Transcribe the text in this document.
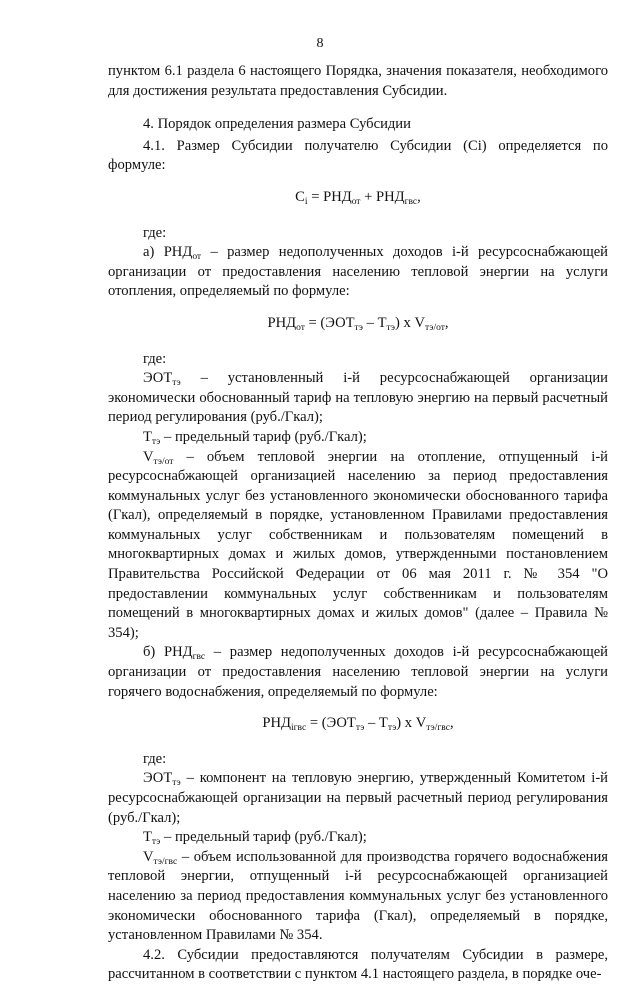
8

пунктом 6.1 раздела 6 настоящего Порядка, значения показателя, необходимого для достижения результата предоставления Субсидии.

4. Порядок определения размера Субсидии

4.1. Размер Субсидии получателю Субсидии (Ci) определяется по формуле:

$C_i = РНД_{от} + РНД_{гвс}$,

где:

а) $РНД_{от}$ – размер недополученных доходов i-й ресурсоснабжающей организации от предоставления населению тепловой энергии на услуги отопления, определяемый по формуле:

$РНД_{от} = (ЭОТ_{тэ} - Т_{тэ})$ х $V_{тэ/от}$,

где:

$ЭОТ_{тэ}$ – установленный i-й ресурсоснабжающей организации экономически обоснованный тариф на тепловую энергию на первый расчетный период регулирования (руб./Гкал);

$Т_{тэ}$ – предельный тариф (руб./Гкал);

$V_{тэ/от}$ – объем тепловой энергии на отопление, отпущенный i-й ресурсоснабжающей организацией населению за период предоставления коммунальных услуг без установленного экономически обоснованного тарифа (Гкал), определяемый в порядке, установленном Правилами предоставления коммунальных услуг собственникам и пользователям помещений в многоквартирных домах и жилых домов, утвержденными постановлением Правительства Российской Федерации от 06 мая 2011 г. № 354 "О предоставлении коммунальных услуг собственникам и пользователям помещений в многоквартирных домах и жилых домов" (далее – Правила № 354);

б) $РНД_{гвс}$ – размер недополученных доходов i-й ресурсоснабжающей организации от предоставления населению тепловой энергии на услуги горячего водоснабжения, определяемый по формуле:

$РНД_{iгвс} = (ЭОТ_{тэ} - Т_{тэ})$ х $V_{тэ/гвс}$,

где:

$ЭОТ_{тэ}$ – компонент на тепловую энергию, утвержденный Комитетом i-й ресурсоснабжающей организации на первый расчетный период регулирования (руб./Гкал);

$Т_{тэ}$ – предельный тариф (руб./Гкал);

$V_{тэ/гвс}$ – объем использованной для производства горячего водоснабжения тепловой энергии, отпущенный i-й ресурсоснабжающей организацией населению за период предоставления коммунальных услуг без установленного экономически обоснованного тарифа (Гкал), определяемый в порядке, установленном Правилами № 354.

4.2. Субсидии предоставляются получателям Субсидии в размере, рассчитанном в соответствии с пунктом 4.1 настоящего раздела, в порядке оче-
